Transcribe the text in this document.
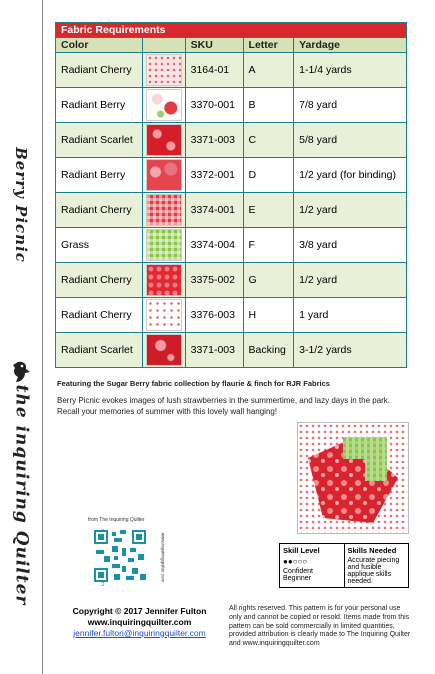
Berry Picnic
the inquiring Quilter
Fabric Requirements				
Color		SKU	Letter	Yardage
Radiant Cherry		3164-01	A	1-1/4 yards
Radiant Berry		3370-001	B	7/8 yard
Radiant Scarlet		3371-003	C	5/8 yard
Radiant Berry		3372-001	D	1/2 yard (for binding)
Radiant Cherry		3374-001	E	1/2 yard
Grass		3374-004	F	3/8 yard
Radiant Cherry		3375-002	G	1/2 yard
Radiant Cherry		3376-003	H	1 yard
Radiant Scarlet		3371-003	Backing	3-1/2 yards
Featuring the Sugar Berry fabric collection by flaurie & finch for RJR Fabrics
Berry Picnic evokes images of lush strawberries in the summertime, and lazy days in the park. Recall your memories of summer with this lovely wall hanging!
Skill Level
●●○○○
Confident Beginner	
Skills Needed
Accurate piecing and fusible applique skills needed.
from The Inquiring Quilter
www.inquiringquilter.com
Copyright © 2017 Jennifer Fulton
www.inquiringquilter.com
jennifer.fulton@inquiringquilter.com
All rights reserved. This pattern is for your personal use only and cannot be copied or resold. Items made from this pattern can be sold commercially in limited quantities, provided attribution is clearly made to The Inquiring Quilter and www.inquiringquilter.com
